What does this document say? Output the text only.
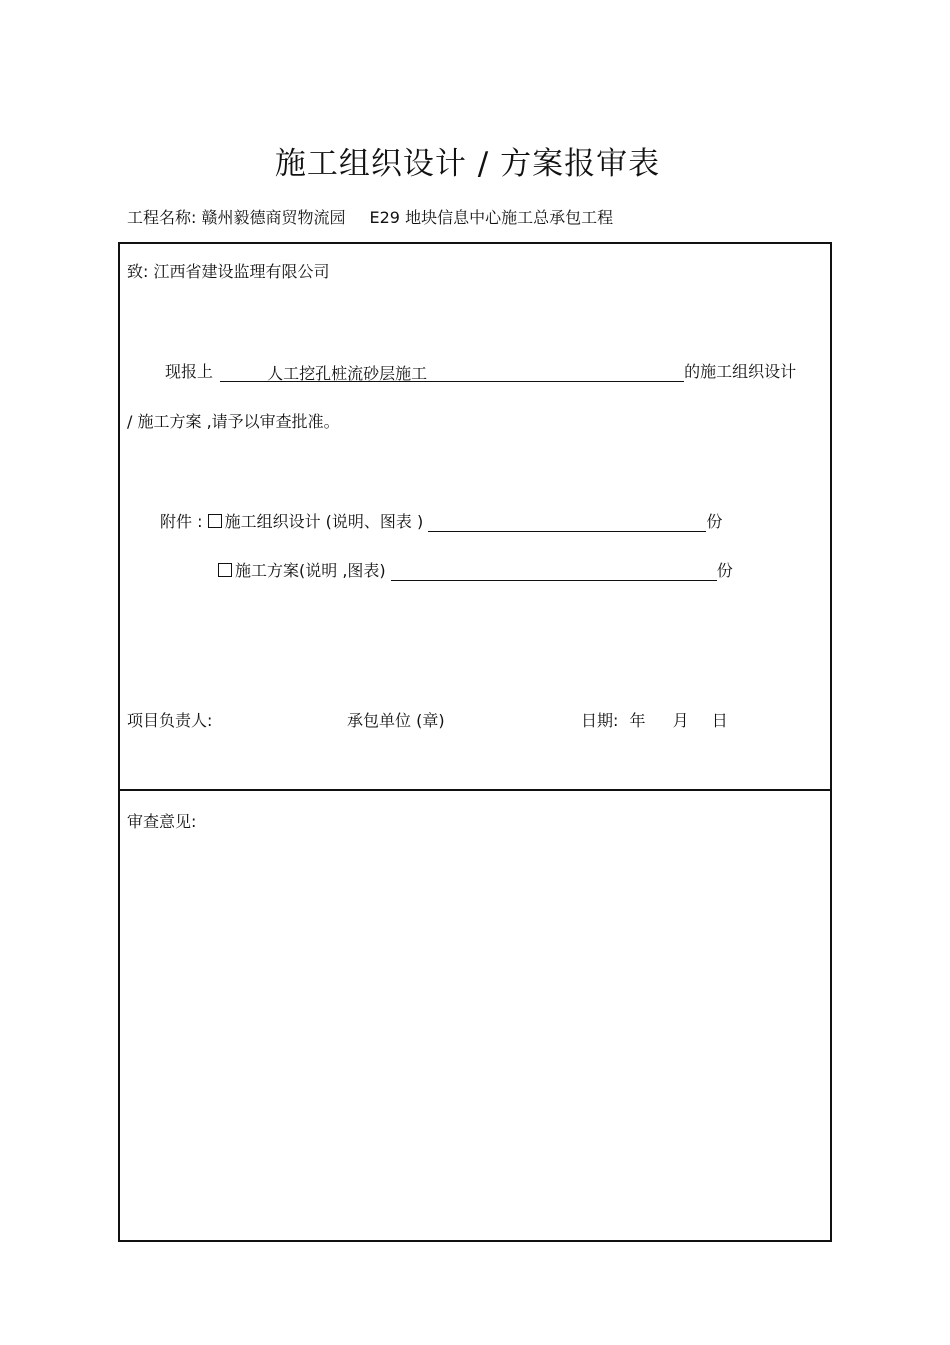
施工组织设计 / 方案报审表
工程名称: 赣州毅德商贸物流园 E29 地块信息中心施工总承包工程
致: 江西省建设监理有限公司
现报上	人工挖孔桩流砂层施工	的施工组织设计
/ 施工方案 ,请予以审查批准。
附件 : 施工组织设计 (说明、图表 )	份
施工方案(说明 ,图表)	份
项目负责人:	承包单位 (章)	日期: 年 月 日
审查意见:
